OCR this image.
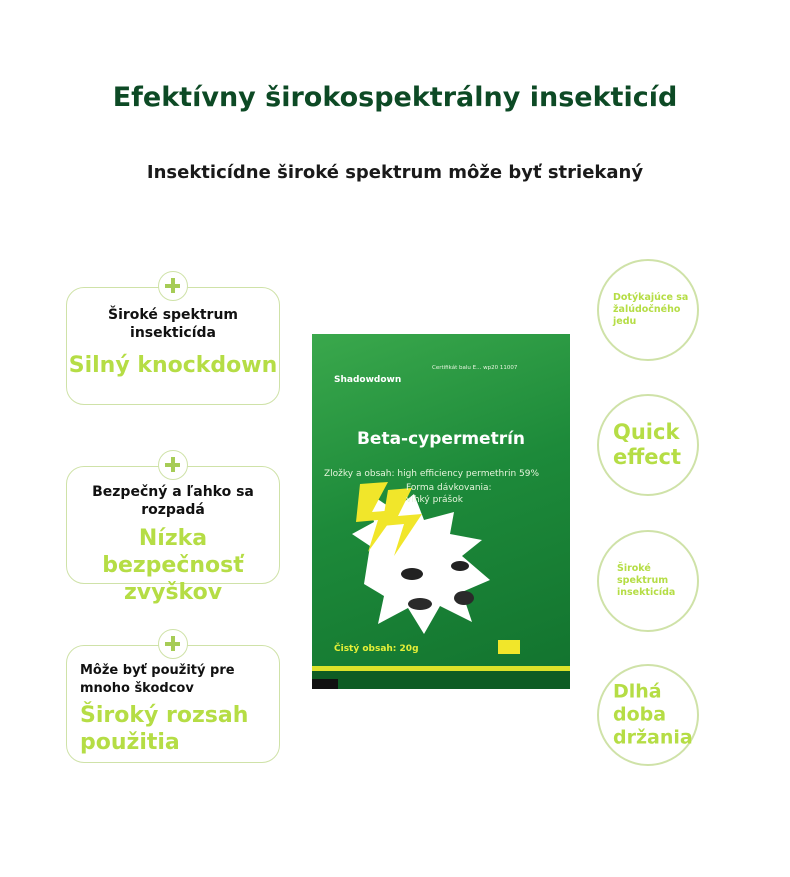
Efektívny širokospektrálny insekticíd
Insekticídne široké spektrum môže byť striekaný
Široké spektrum insekticída
Silný knockdown
Bezpečný a ľahko sa rozpadá
Nízka bezpečnosť zvyškov
Môže byť použitý pre mnoho škodcov
Široký rozsah použitia
Dotýkajúce sa žalúdočného jedu
Quick effect
Široké spektrum insekticída
Dlhá doba držania
Shadowdown
Certifikát balu E... wp20 11007
Beta-cypermetrín
Zložky a obsah: high efficiency permethrin 59%
Forma dávkovania: vlhký prášok
Čistý obsah: 20g
